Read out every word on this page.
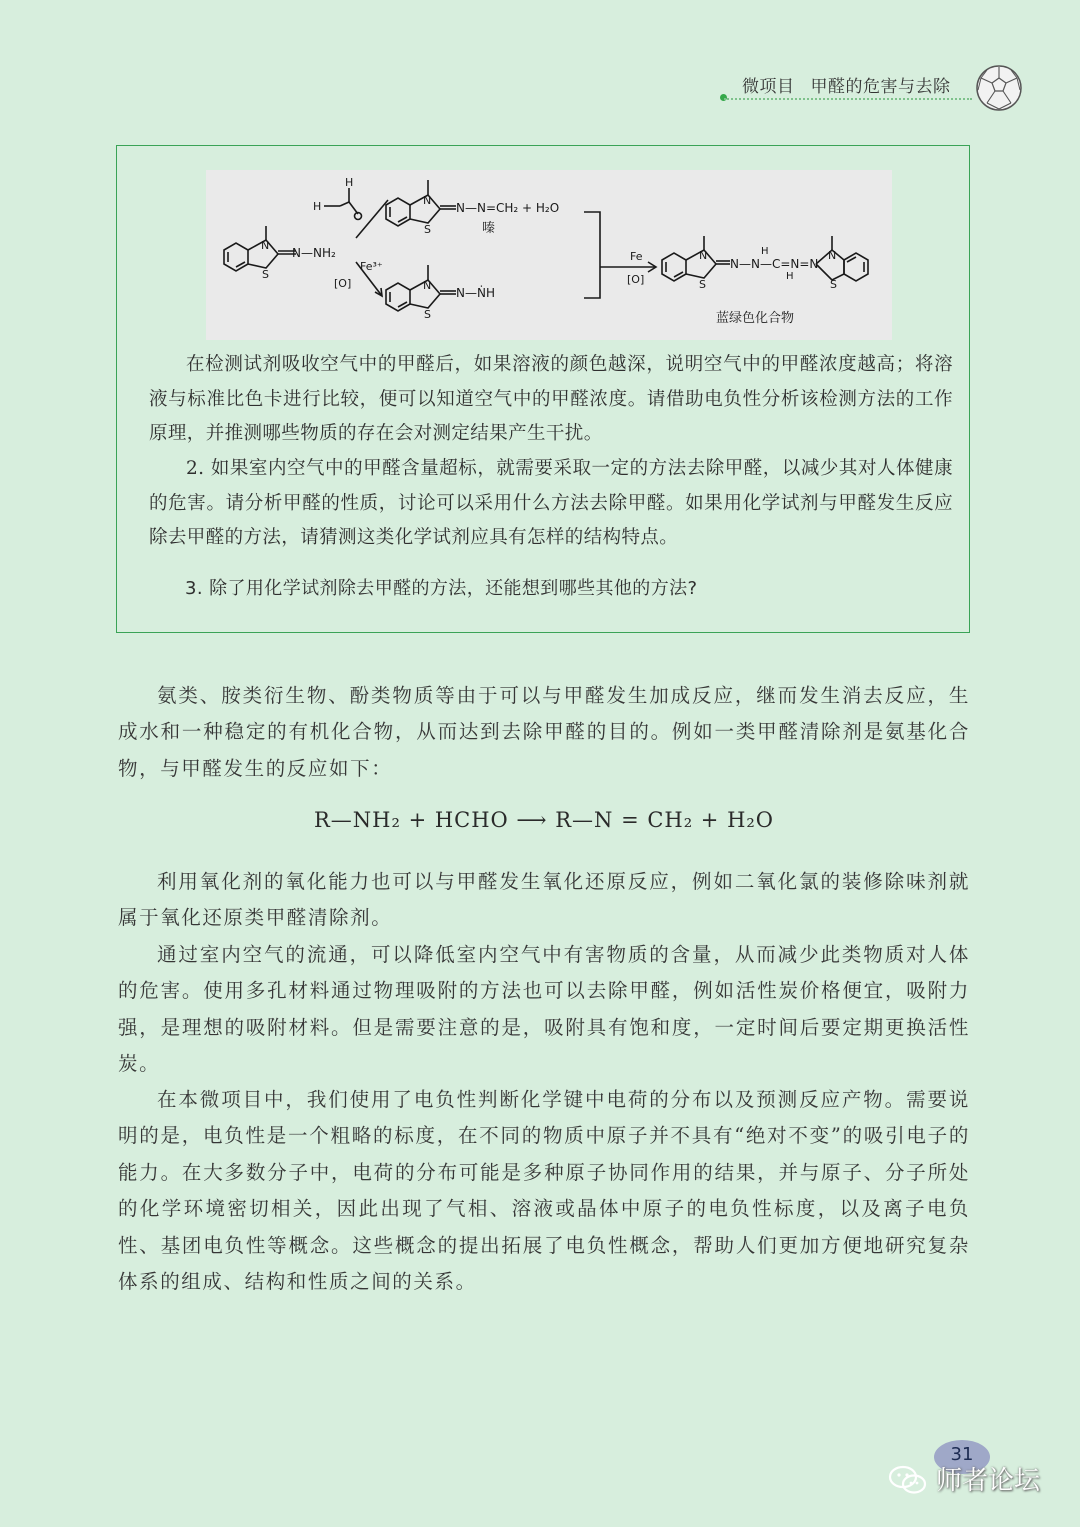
微项目 甲醛的危害与去除
N
S
N—NH₂
H
H	N
S
N—N=CH₂ + H₂O
嗪
Fe³⁺
[O]	N
S
N—ṄH
Fe
[O]
N
S
N—N—C=N=N
H
H
N
S
蓝绿色化合物

在检测试剂吸收空气中的甲醛后，如果溶液的颜色越深，说明空气中的甲醛浓度越高；将溶液与标准比色卡进行比较，便可以知道空气中的甲醛浓度。请借助电负性分析该检测方法的工作原理，并推测哪些物质的存在会对测定结果产生干扰。

2. 如果室内空气中的甲醛含量超标，就需要采取一定的方法去除甲醛，以减少其对人体健康的危害。请分析甲醛的性质，讨论可以采用什么方法去除甲醛。如果用化学试剂与甲醛发生反应除去甲醛的方法，请猜测这类化学试剂应具有怎样的结构特点。

3. 除了用化学试剂除去甲醛的方法，还能想到哪些其他的方法?

氨类、胺类衍生物、酚类物质等由于可以与甲醛发生加成反应，继而发生消去反应，生成水和一种稳定的有机化合物，从而达到去除甲醛的目的。例如一类甲醛清除剂是氨基化合物，与甲醛发生的反应如下：

R—NH₂ + HCHO ⟶ R—N = CH₂ + H₂O

利用氧化剂的氧化能力也可以与甲醛发生氧化还原反应，例如二氧化氯的装修除味剂就属于氧化还原类甲醛清除剂。

通过室内空气的流通，可以降低室内空气中有害物质的含量，从而减少此类物质对人体的危害。使用多孔材料通过物理吸附的方法也可以去除甲醛，例如活性炭价格便宜，吸附力强，是理想的吸附材料。但是需要注意的是，吸附具有饱和度，一定时间后要定期更换活性炭。

在本微项目中，我们使用了电负性判断化学键中电荷的分布以及预测反应产物。需要说明的是，电负性是一个粗略的标度，在不同的物质中原子并不具有“绝对不变”的吸引电子的能力。在大多数分子中，电荷的分布可能是多种原子协同作用的结果，并与原子、分子所处的化学环境密切相关，因此出现了气相、溶液或晶体中原子的电负性标度，以及离子电负性、基团电负性等概念。这些概念的提出拓展了电负性概念，帮助人们更加方便地研究复杂体系的组成、结构和性质之间的关系。

31
师者论坛
